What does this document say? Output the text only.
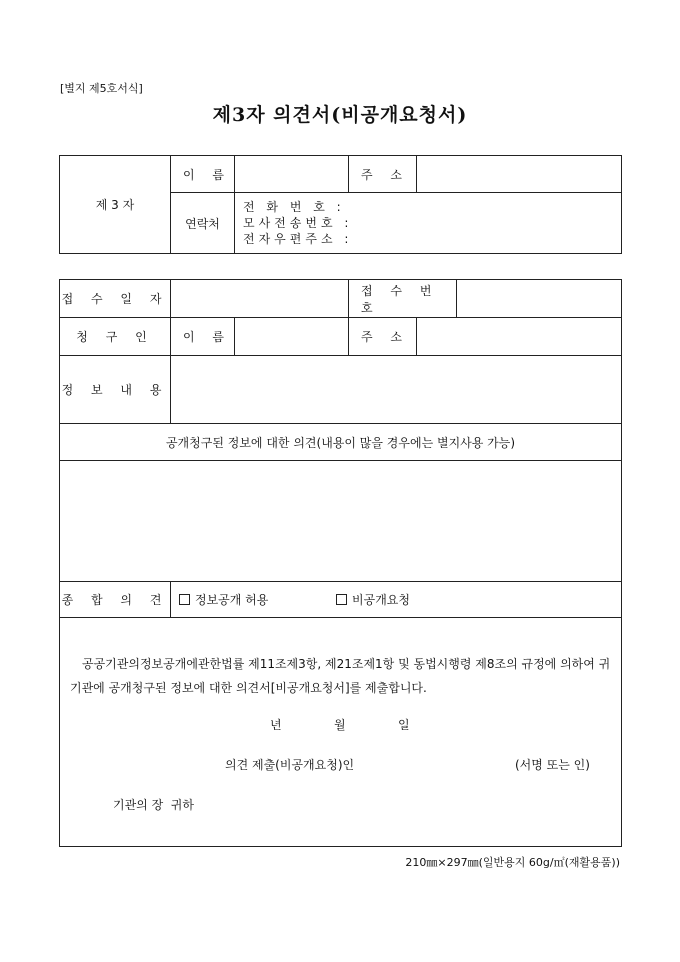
[별지 제5호서식]
제3자 의견서(비공개요청서)
제 3 자	이 름		주 소	
	연락처	전 화 번 호 :
모사전송번호 :
전자우편주소 :		
접 수 일 자			접 수 번 호		
청 구 인	이 름		주 소		
정 보 내 용					
공개청구된 정보에 대한 의견(내용이 많을 경우에는 별지사용 가능)					

종 합 의 견	정보공개 허용 비공개요청				

공공기관의정보공개에관한법률 제11조제3항, 제21조제1항 및 동법시행령 제8조의 규정에 의하여 귀기관에 공개청구된 정보에 대한 의견서[비공개요청서]를 제출합니다.
년	월	일
의견 제출(비공개요청)인	(서명 또는 인)
기관의 장  귀하
210㎜×297㎜(일반용지 60g/㎡(재활용품))
